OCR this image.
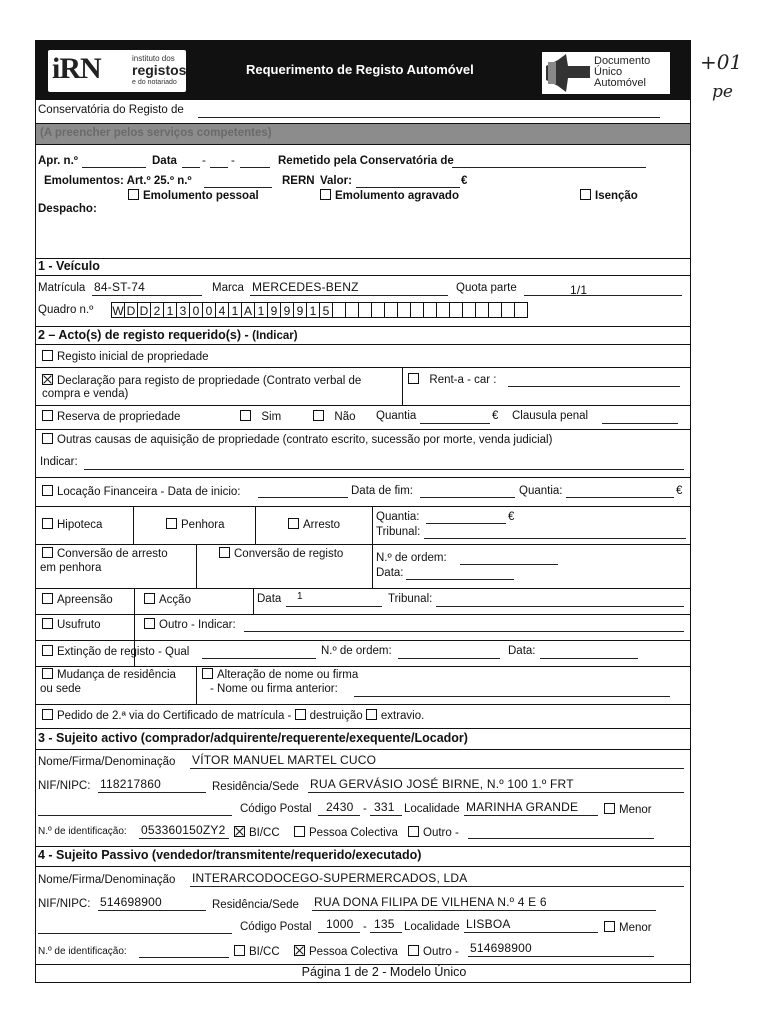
iRN	instituto dos
registos
e do notariado
Requerimento de Registo Automóvel
Documento
Único
Automóvel
+01
pe
Conservatória do Registo de
(A preencher pelos serviços competentes)
Apr. n.º	Data - -	Remetido pela Conservatória de
Emolumentos: Art.º 25.º n.º	RERN Valor:	€
Emolumento pessoal	Emolumento agravado	Isenção
Despacho:
1 - Veículo
Matrícula 84-ST-74	Marca MERCEDES-BENZ	Quota parte	1/1
Quadro n.º W D D 2 1 3 0 0 4 1 A 1 9 9 9 1 5
2 – Acto(s) de registo requerido(s) - (Indicar)
Registo inicial de propriedade
Declaração para registo de propriedade (Contrato verbal de
compra e venda)
Rent-a - car :
Reserva de propriedade	Sim	Não Quantia	€ Clausula penal
Outras causas de aquisição de propriedade (contrato escrito, sucessão por morte, venda judicial)
Indicar:
Locação Financeira - Data de inicio:	Data de fim:	Quantia:	€
Hipoteca	Penhora	Arresto
Quantia:	€
Tribunal:
Conversão de arresto
em penhora
Conversão de registo	N.º de ordem:
Data:
Apreensão	Acção	Data 1	Tribunal:
Usufruto	Outro - Indicar:
Extinção de registo - Qual	N.º de ordem:	Data:
Mudança de residência
ou sede
Alteração de nome ou firma
- Nome ou firma anterior:
Pedido de 2.ª via do Certificado de matrícula - destruição extravio.
3 - Sujeito activo (comprador/adquirente/requerente/exequente/Locador)
Nome/Firma/Denominação VÍTOR MANUEL MARTEL CUCO
NIF/NIPC: 118217860	Residência/Sede RUA GERVÁSIO JOSÉ BIRNE, N.º 100 1.º FRT
Código Postal 2430 - 331 Localidade MARINHA GRANDE	Menor
N.º de identificação: 053360150ZY2	BI/CC	Pessoa Colectiva	Outro -
4 - Sujeito Passivo (vendedor/transmitente/requerido/executado)
Nome/Firma/Denominação INTERARCODOCEGO-SUPERMERCADOS, LDA
NIF/NIPC: 514698900	Residência/Sede RUA DONA FILIPA DE VILHENA N.º 4 E 6
Código Postal 1000 - 135 Localidade LISBOA	Menor
N.º de identificação:	BI/CC	Pessoa Colectiva	Outro - 514698900
Página 1 de 2 - Modelo Único
